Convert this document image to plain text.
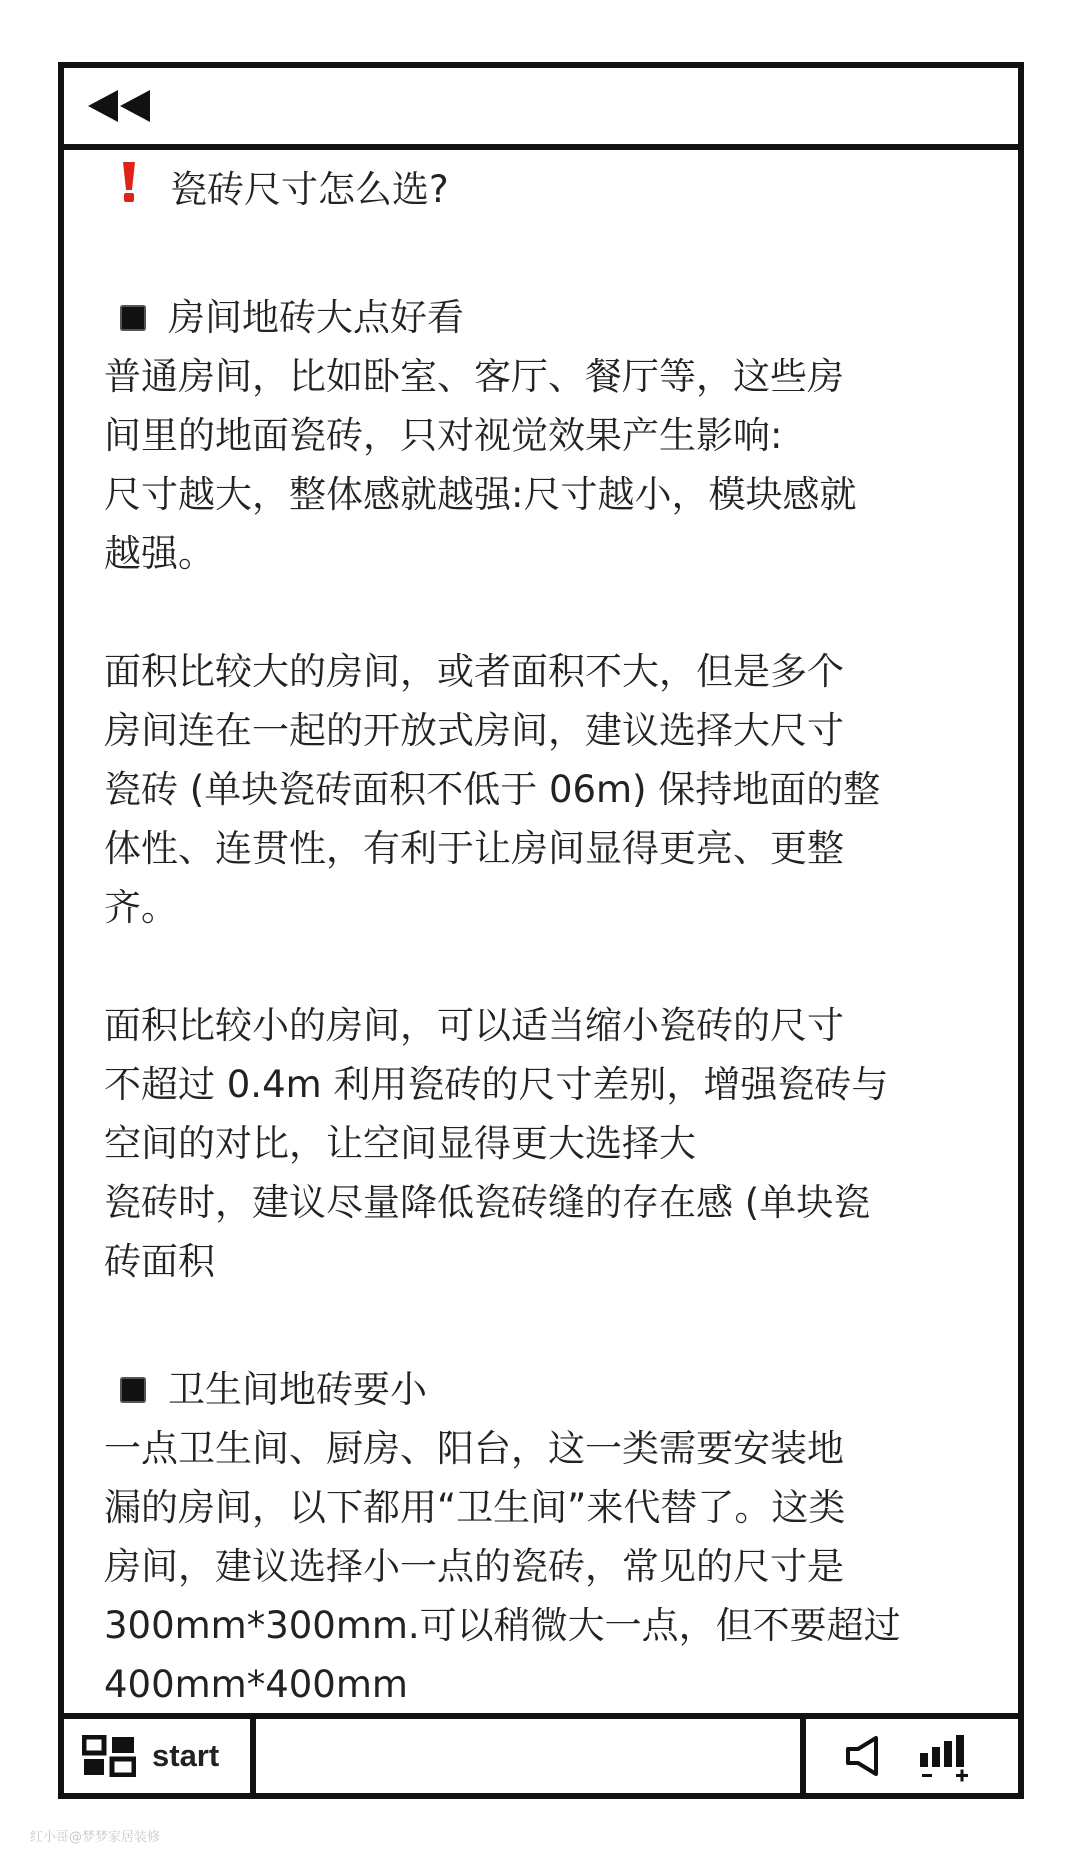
瓷砖尺寸怎么选?
房间地砖大点好看
普通房间，比如卧室、客厅、餐厅等，这些房
间里的地面瓷砖，只对视觉效果产生影响:
尺寸越大，整体感就越强:尺寸越小，模块感就
越强。
面积比较大的房间，或者面积不大，但是多个
房间连在一起的开放式房间，建议选择大尺寸
瓷砖 (单块瓷砖面积不低于 06m) 保持地面的整
体性、连贯性，有利于让房间显得更亮、更整
齐。
面积比较小的房间，可以适当缩小瓷砖的尺寸
不超过 0.4m 利用瓷砖的尺寸差别，增强瓷砖与
空间的对比，让空间显得更大选择大
瓷砖时，建议尽量降低瓷砖缝的存在感 (单块瓷
砖面积
卫生间地砖要小
一点卫生间、厨房、阳台，这一类需要安装地
漏的房间，以下都用“卫生间”来代替了。这类
房间，建议选择小一点的瓷砖，常见的尺寸是
300mm*300mm.可以稍微大一点，但不要超过
400mm*400mm
start
红小哥@梦梦家居装修
